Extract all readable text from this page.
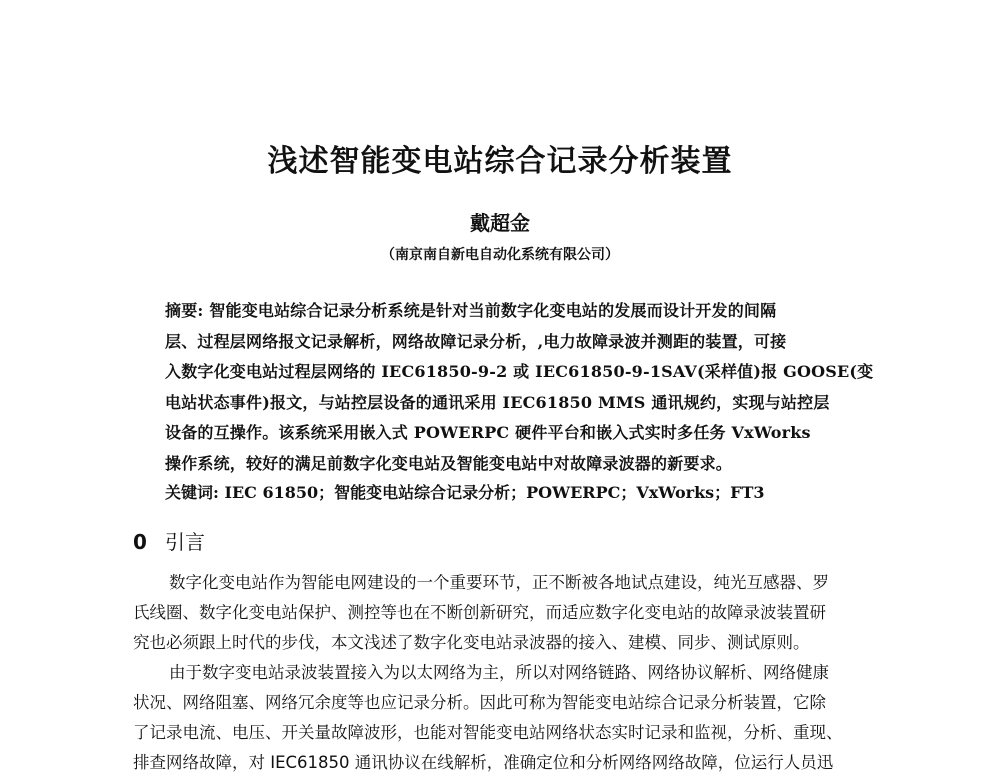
浅述智能变电站综合记录分析装置
戴超金
（南京南自新电自动化系统有限公司）
摘要: 智能变电站综合记录分析系统是针对当前数字化变电站的发展而设计开发的间隔
层、过程层网络报文记录解析，网络故障记录分析，,电力故障录波并测距的装置，可接
入数字化变电站过程层网络的 IEC61850-9-2 或 IEC61850-9-1SAV(采样值)报 GOOSE(变
电站状态事件)报文，与站控层设备的通讯采用 IEC61850 MMS 通讯规约，实现与站控层
设备的互操作。该系统采用嵌入式 POWERPC 硬件平台和嵌入式实时多任务 VxWorks
操作系统，较好的满足前数字化变电站及智能变电站中对故障录波器的新要求。
关键词: IEC 61850；智能变电站综合记录分析；POWERPC；VxWorks；FT3
0 引言
数字化变电站作为智能电网建设的一个重要环节，正不断被各地试点建设，纯光互感器、罗
氏线圈、数字化变电站保护、测控等也在不断创新研究，而适应数字化变电站的故障录波装置研
究也必须跟上时代的步伐，本文浅述了数字化变电站录波器的接入、建模、同步、测试原则。
由于数字变电站录波装置接入为以太网络为主，所以对网络链路、网络协议解析、网络健康
状况、网络阻塞、网络冗余度等也应记录分析。因此可称为智能变电站综合记录分析装置，它除
了记录电流、电压、开关量故障波形，也能对智能变电站网络状态实时记录和监视，分析、重现、
排查网络故障，对 IEC61850 通讯协议在线解析，准确定位和分析网络网络故障，位运行人员迅
